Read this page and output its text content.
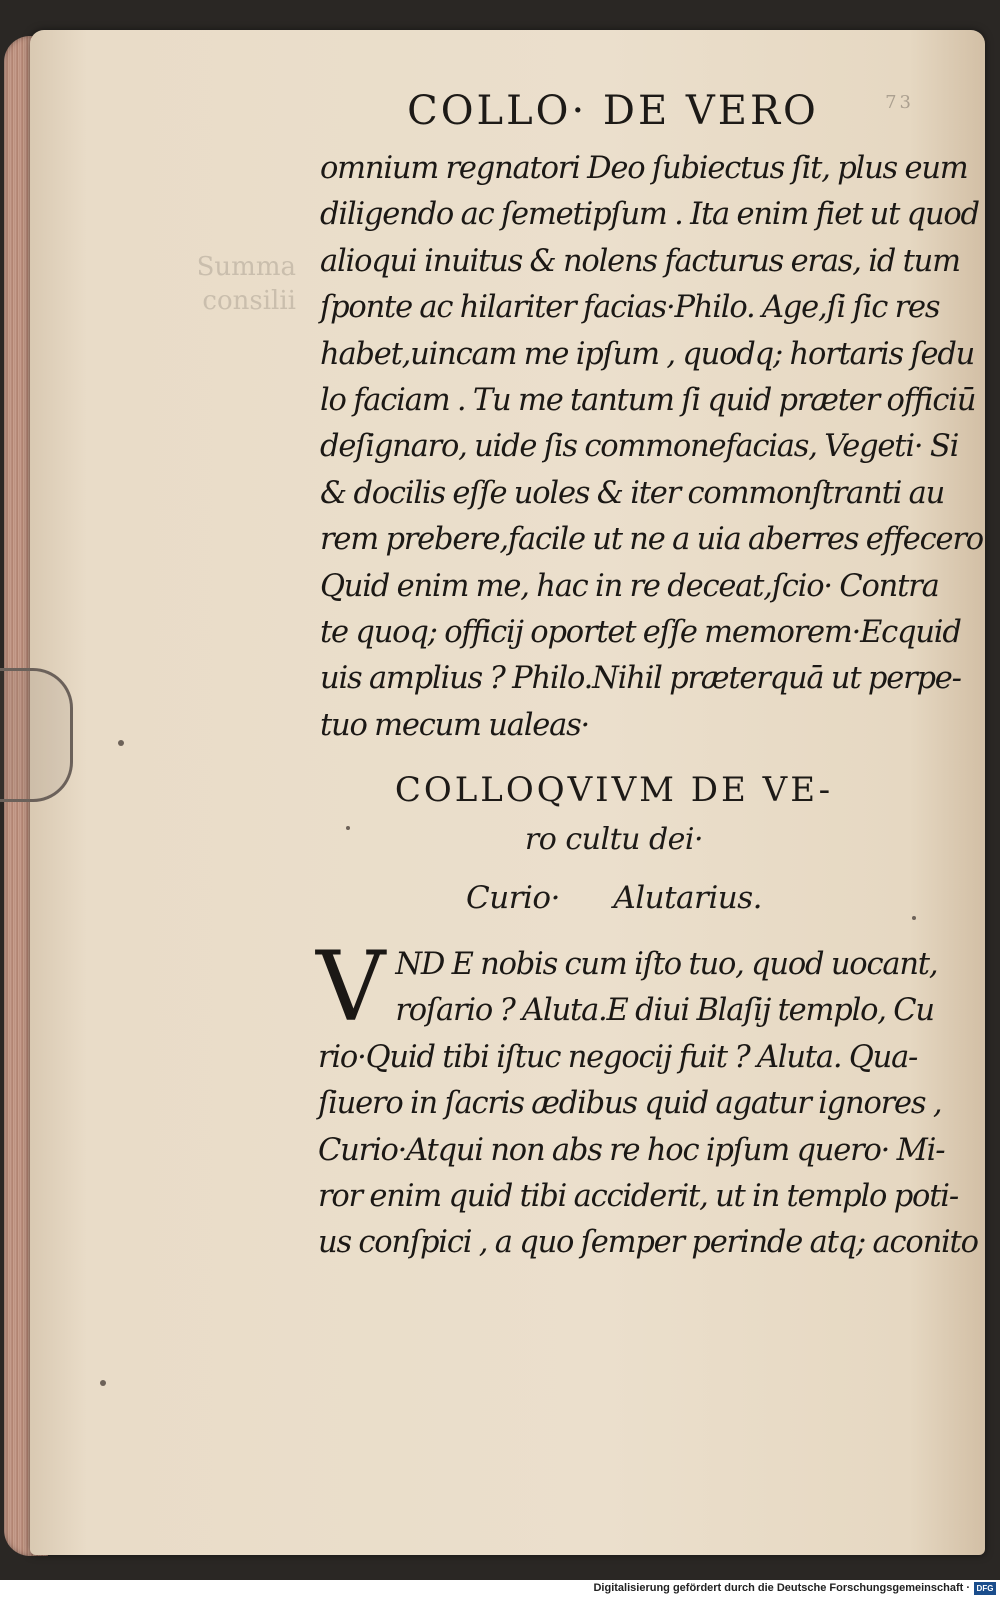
Summa
consilii
COLLO· DE VERO	73
omnium regnatori Deo ſubiectus ſit, plus eum
diligendo ac ſemetipſum . Ita enim fiet ut quod
alioqui inuitus & nolens facturus eras, id tum
ſponte ac hilariter facias·Philo. Age,ſi ſic res
habet,uincam me ipſum , quodq; hortaris ſedu
lo faciam . Tu me tantum ſi quid præter officiū
deſignaro, uide ſis commonefacias, Vegeti· Si
& docilis eſſe uoles & iter commonſtranti au
rem prebere,facile ut ne a uia aberres effecero
Quid enim me, hac in re deceat,ſcio· Contra
te quoq; officij oportet eſſe memorem·Ecquid
uis amplius ? Philo.Nihil præterquā ut perpe-
tuo mecum ualeas·
COLLOQVIVM DE VE-
ro cultu dei·
Curio· Alutarius.
V ND E nobis cum iſto tuo, quod uocant,
roſario ? Aluta.E diui Blaſij templo, Cu
rio·Quid tibi iſtuc negocij fuit ? Aluta. Qua-
ſiuero in ſacris ædibus quid agatur ignores ,
Curio·Atqui non abs re hoc ipſum quero· Mi-
ror enim quid tibi acciderit, ut in templo poti-
us conſpici , a quo ſemper perinde atq; aconito
Digitalisierung gefördert durch die Deutsche Forschungsgemeinschaft · DFG
